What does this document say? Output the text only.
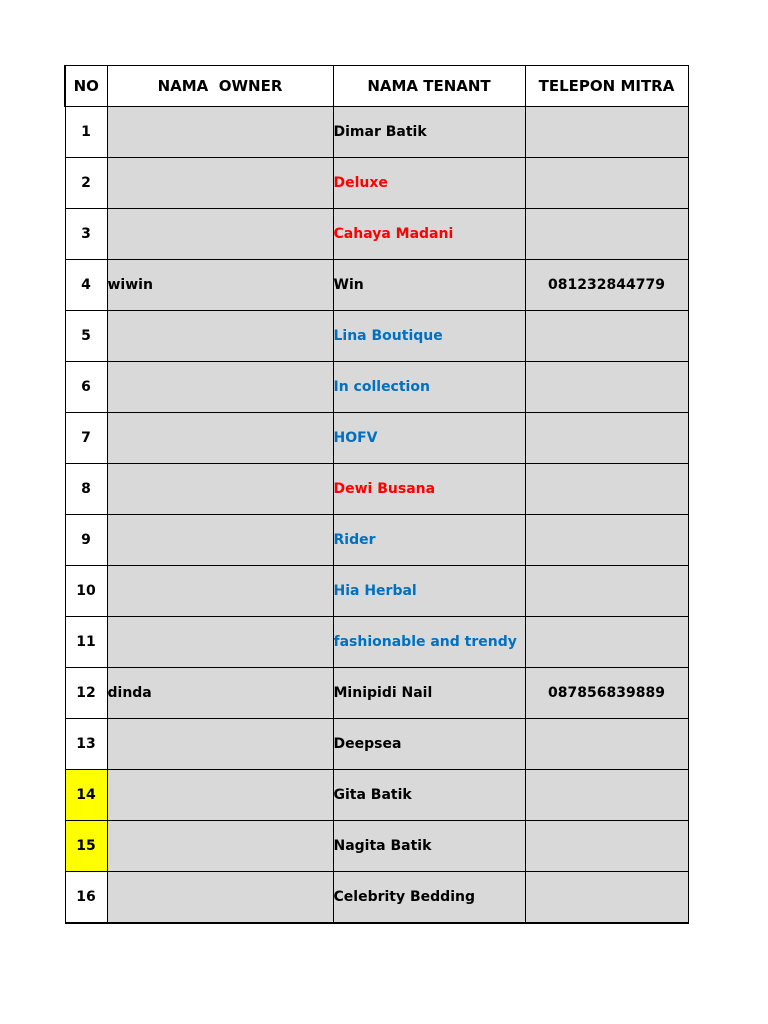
NO	NAMA  OWNER	NAMA TENANT	TELEPON MITRA
1		Dimar Batik	
2		Deluxe	
3		Cahaya Madani	
4	wiwin	Win	081232844779
5		Lina Boutique	
6		In collection	
7		HOFV	
8		Dewi Busana	
9		Rider	
10		Hia Herbal	
11		fashionable and trendy	
12	dinda	Minipidi Nail	087856839889
13		Deepsea	
14		Gita Batik	
15		Nagita Batik	
16		Celebrity Bedding	
